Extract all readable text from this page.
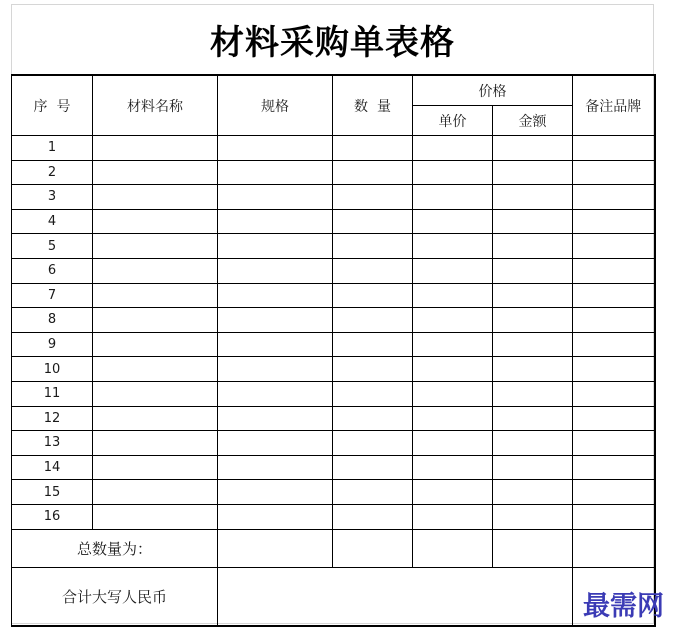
材料采购单表格
序  号	材料名称	规格	数  量	价格		备注品牌
				单价	金额	
1						
2						
3						
4						
5						
6						
7						
8						
9						
10						
11						
12						
13						
14						
15						
16						
总数量为：						
合计大写人民币							最需网
